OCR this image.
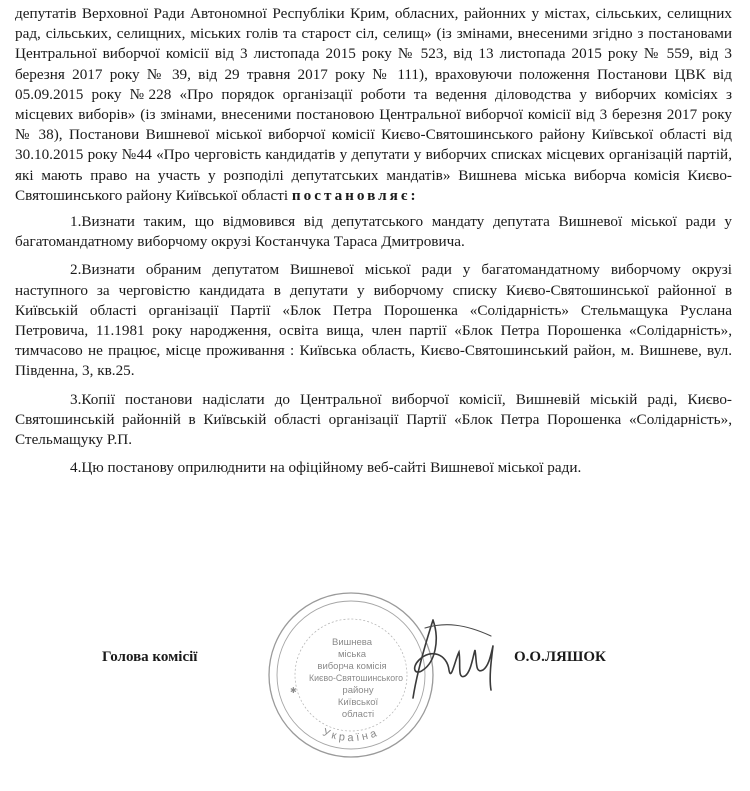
депутатів Верховної Ради Автономної Республіки Крим, обласних, районних у містах, сільських, селищних рад, сільських, селищних, міських голів та старост сіл, селищ» (із змінами, внесеними згідно з постановами Центральної виборчої комісії від 3 листопада 2015 року № 523, від 13 листопада 2015 року № 559, від 3 березня 2017 року № 39, від 29 травня 2017 року № 111), враховуючи положення Постанови ЦВК від 05.09.2015 року №228 «Про порядок організації роботи та ведення діловодства у виборчих комісіях з місцевих виборів» (із змінами, внесеними постановою Центральної виборчої комісії від 3 березня 2017 року № 38), Постанови Вишневої міської виборчої комісії Києво-Святошинського району Київської області від 30.10.2015 року №44 «Про черговість кандидатів у депутати у виборчих списках місцевих організацій партій, які мають право на участь у розподілі депутатських мандатів» Вишнева міська виборча комісія Києво-Святошинського району Київської області постановляє:

1.Визнати таким, що відмовився від депутатського мандату депутата Вишневої міської ради у багатомандатному виборчому окрузі Костанчука Тараса Дмитровича.

2.Визнати обраним депутатом Вишневої міської ради у багатомандатному виборчому окрузі наступного за черговістю кандидата в депутати у виборчому списку Києво-Святошинської районної в Київській області організації Партії «Блок Петра Порошенка «Солідарність» Стельмащука Руслана Петровича, 11.1981 року народження, освіта вища, член партії «Блок Петра Порошенка «Солідарність», тимчасово не працює, місце проживання : Київська область, Києво-Святошинський район, м. Вишневе, вул. Південна, 3, кв.25.

3.Копії постанови надіслати до Центральної виборчої комісії, Вишневій міській раді, Києво-Святошинській районній в Київській області організації Партії «Блок Петра Порошенка «Солідарність», Стельмащуку Р.П.

4.Цю постанову оприлюднити на офіційному веб-сайті Вишневої міської ради.

Вишнева
міська
виборча комісія
Києво-Святошинського
району
Київської
області
Україна
✱
Голова комісії	О.О.ЛЯШОК
